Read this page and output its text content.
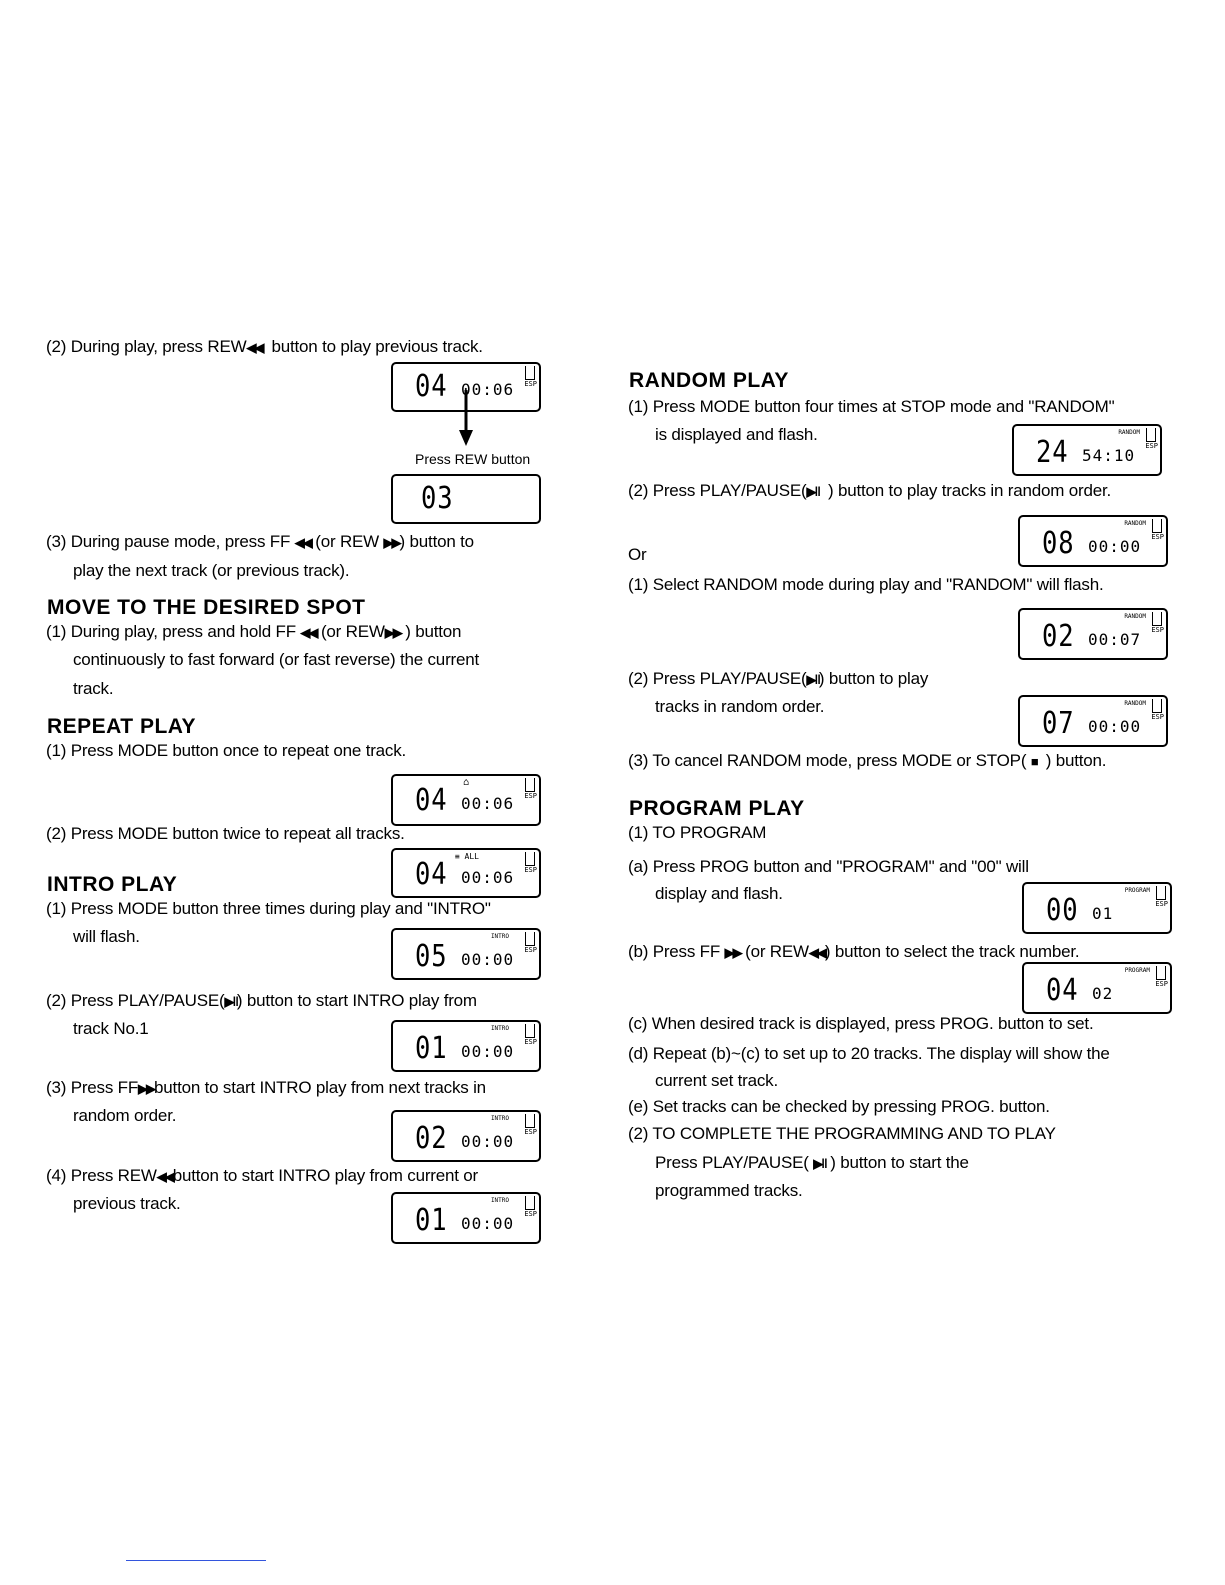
(2) During play, press REW◀◀ button to play previous track.
04 00:06 ESP
Press REW button
03
(3) During pause mode, press FF ◀◀ (or REW ▶▶) button to
play the next track (or previous track).
MOVE TO THE DESIRED SPOT
(1) During play, press and hold FF ◀◀ (or REW▶▶ ) button
continuously to fast forward (or fast reverse) the current
track.
REPEAT PLAY
(1) Press MODE button once to repeat one track.
⌂
04 00:06 ESP
(2) Press MODE button twice to repeat all tracks.
≡ ALL
04 00:06 ESP
INTRO PLAY
(1) Press MODE button three times during play and "INTRO"
will flash.	INTRO
05 00:00 ESP
(2) Press PLAY/PAUSE(▶‖) button to start INTRO play from
track No.1	INTRO
01 00:00 ESP
(3) Press FF▶▶button to start INTRO play from next tracks in
random order.	INTRO
02 00:00 ESP
(4) Press REW◀◀button to start INTRO play from current or
previous track.	INTRO
01 00:00 ESP
RANDOM PLAY
(1) Press MODE button four times at STOP mode and "RANDOM"
is displayed and flash.	RANDOM
24 54:10 ESP
(2) Press PLAY/PAUSE(▶‖ ) button to play tracks in random order.
RANDOM
08 00:00 ESP
Or
(1) Select RANDOM mode during play and "RANDOM" will flash.
RANDOM
02 00:07 ESP
(2) Press PLAY/PAUSE(▶‖) button to play
tracks in random order.	RANDOM
07 00:00 ESP
(3) To cancel RANDOM mode, press MODE or STOP( ■ ) button.
PROGRAM PLAY
(1) TO PROGRAM
(a) Press PROG button and "PROGRAM" and "00" will
display and flash.	PROGRAM
00 01	ESP
(b) Press FF ▶▶ (or REW◀◀) button to select the track number.
PROGRAM
04 02	ESP
(c) When desired track is displayed, press PROG. button to set.
(d) Repeat (b)~(c) to set up to 20 tracks. The display will show the
current set track.
(e) Set tracks can be checked by pressing PROG. button.
(2) TO COMPLETE THE PROGRAMMING AND TO PLAY
Press PLAY/PAUSE( ▶‖ ) button to start the
programmed tracks.
